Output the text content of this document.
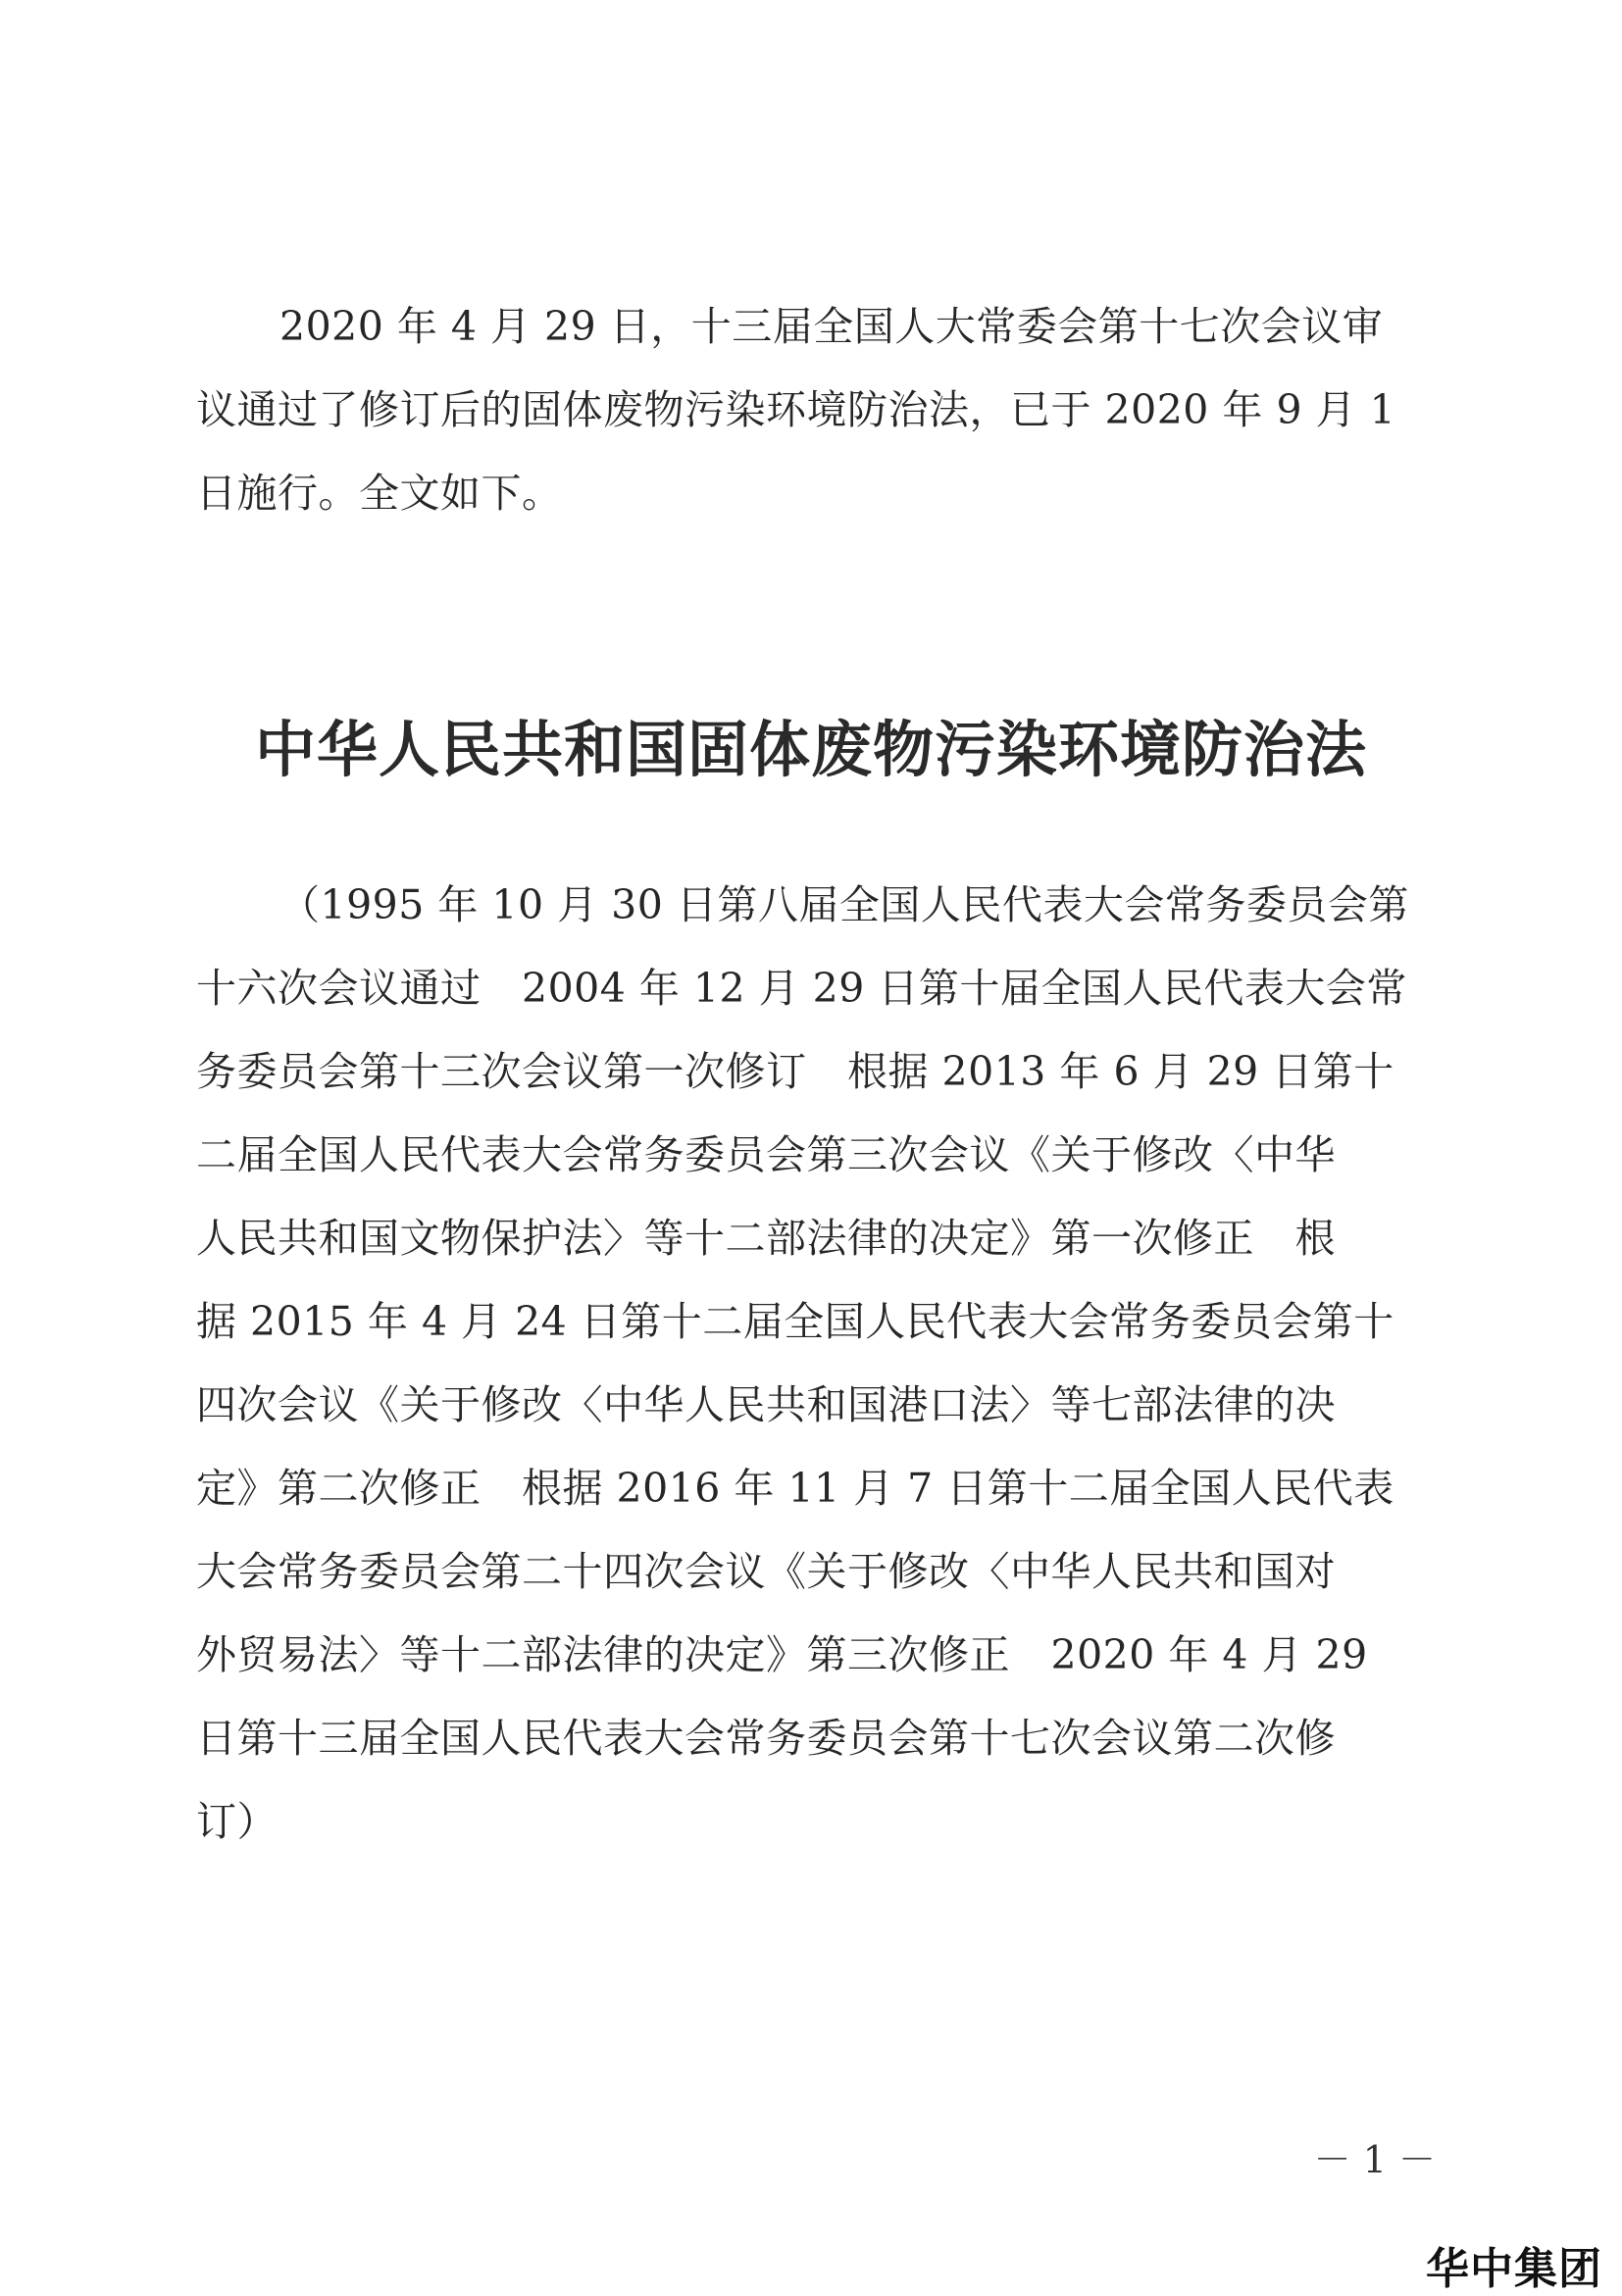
2020 年 4 月 29 日，十三届全国人大常委会第十七次会议审
议通过了修订后的固体废物污染环境防治法，已于 2020 年 9 月 1
日施行。全文如下。
中华人民共和国固体废物污染环境防治法
（1995 年 10 月 30 日第八届全国人民代表大会常务委员会第
十六次会议通过　2004 年 12 月 29 日第十届全国人民代表大会常
务委员会第十三次会议第一次修订　根据 2013 年 6 月 29 日第十
二届全国人民代表大会常务委员会第三次会议《关于修改〈中华
人民共和国文物保护法〉等十二部法律的决定》第一次修正　根
据 2015 年 4 月 24 日第十二届全国人民代表大会常务委员会第十
四次会议《关于修改〈中华人民共和国港口法〉等七部法律的决
定》第二次修正　根据 2016 年 11 月 7 日第十二届全国人民代表
大会常务委员会第二十四次会议《关于修改〈中华人民共和国对
外贸易法〉等十二部法律的决定》第三次修正　2020 年 4 月 29
日第十三届全国人民代表大会常务委员会第十七次会议第二次修
订）
－ 1 －
华中集团
